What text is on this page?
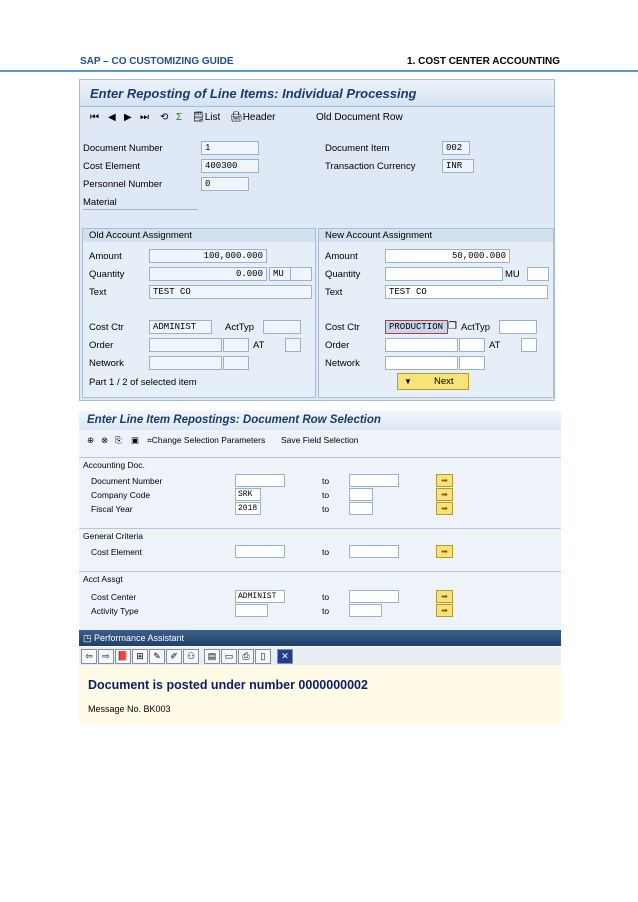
SAP – CO CUSTOMIZING GUIDE	1. COST CENTER ACCOUNTING
Enter Reposting of Line Items: Individual Processing
⏮ ◀ ▶ ⏭ ⟲ Σ 🗒List 🖨Header	Old Document Row
Document Number	1	Document Item	002
Cost Element	400300	Transaction Currency	INR
Personnel Number	0
Material
Old Account Assignment
Amount	100,000.000
Quantity	0.000	MU
Text	TEST CO
Cost Ctr	ADMINIST	ActTyp
Order	AT
Network
Part 1 / 2 of selected item
New Account Assignment
Amount	50,000.000
Quantity	MU
Text	TEST CO
Cost Ctr	PRODUCTION ❐ ActTyp
Order	AT
Network
▼ Next
Enter Line Item Repostings: Document Row Selection
⊕ ⊗ ⎘ ▣ ⌗Change Selection Parameters Save Field Selection
Accounting Doc.
Document Number	to	➡
Company Code	SRK	to	➡
Fiscal Year	2018	to	➡
General Criteria
Cost Element	to	➡
Acct Assgt
Cost Center	ADMINIST	to	➡
Activity Type	to	➡
◳ Performance Assistant
⇦	⇨ 📕 ⊞	✎	✐	⚇	▤ ▭	⎙	▯	✕
Document is posted under number 0000000002
Message No. BK003
